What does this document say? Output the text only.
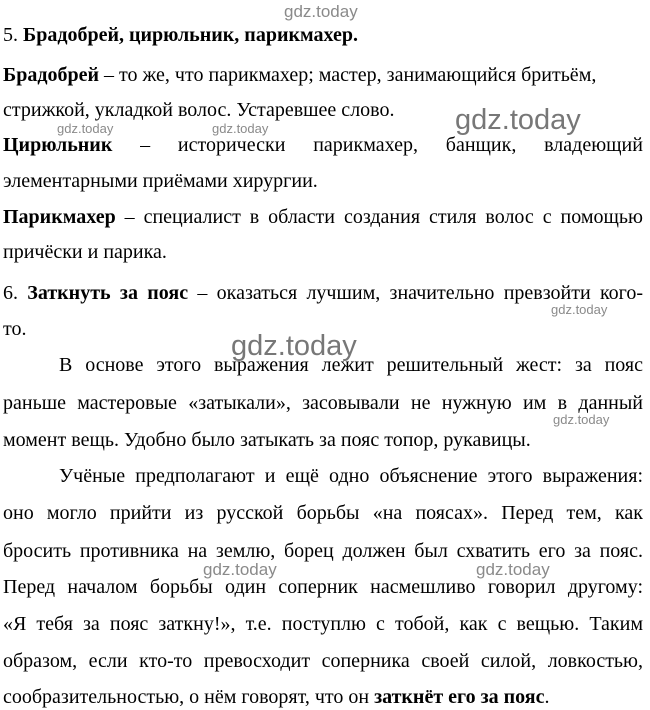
gdz.today
gdz.today	gdz.today	gdz.today
gdz.today
gdz.today
gdz.today
gdz.today	gdz.today
5. Брадобрей, цирюльник, парикмахер.
Брадобрей – то же, что парикмахер; мастер, занимающийся бритьём,
стрижкой, укладкой волос. Устаревшее слово.
Цирюльник – исторически парикмахер, банщик, владеющий
элементарными приёмами хирургии.
Парикмахер – специалист в области создания стиля волос с помощью
причёски и парика.
6. Заткнуть за пояс – оказаться лучшим, значительно превзойти кого-
то.
В основе этого выражения лежит решительный жест: за пояс
раньше мастеровые «затыкали», засовывали не нужную им в данный
момент вещь. Удобно было затыкать за пояс топор, рукавицы.
Учёные предполагают и ещё одно объяснение этого выражения:
оно могло прийти из русской борьбы «на поясах». Перед тем, как
бросить противника на землю, борец должен был схватить его за пояс.
Перед началом борьбы один соперник насмешливо говорил другому:
«Я тебя за пояс заткну!», т.е. поступлю с тобой, как с вещью. Таким
образом, если кто-то превосходит соперника своей силой, ловкостью,
сообразительностью, о нём говорят, что он заткнёт его за пояс.
